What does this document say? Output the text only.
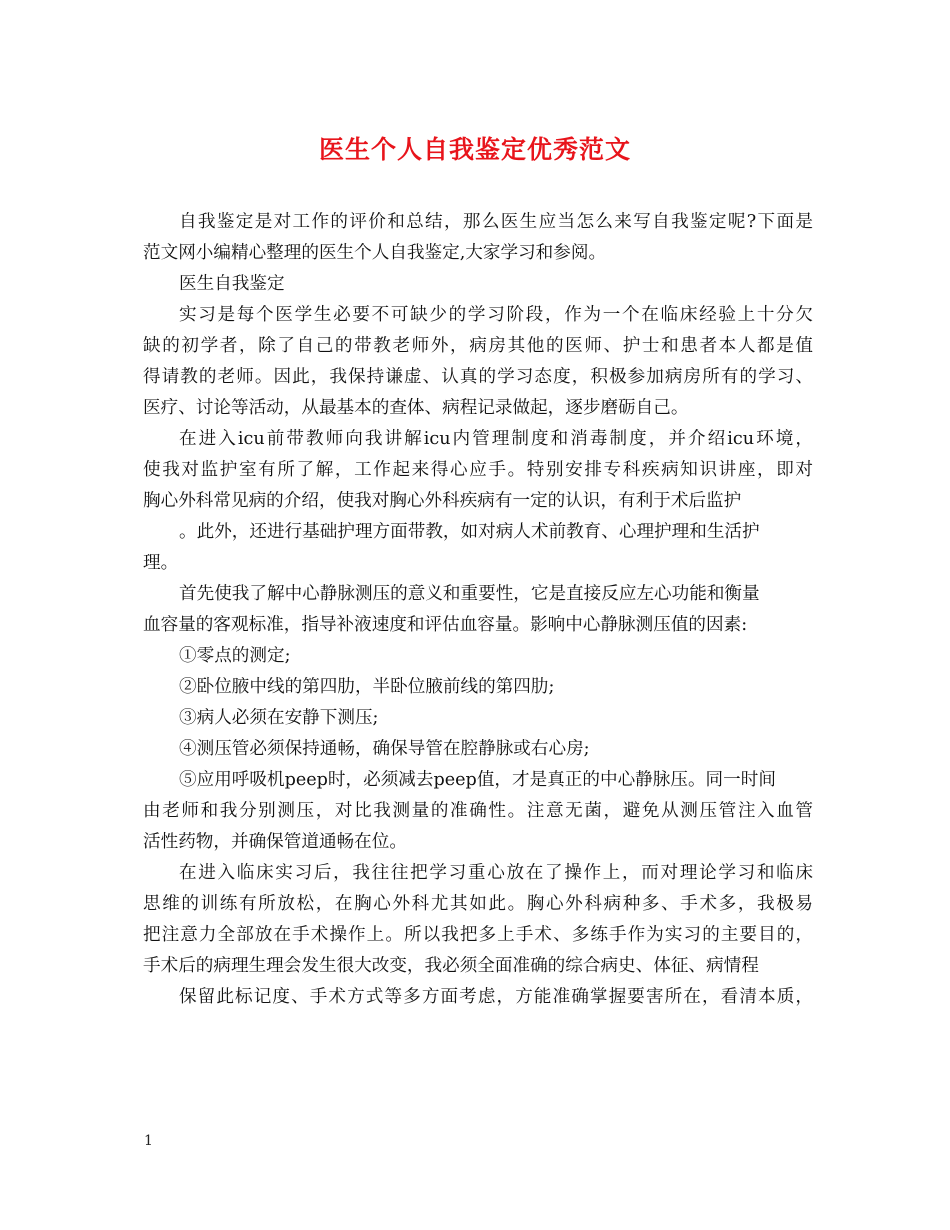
医生个人自我鉴定优秀范文
自我鉴定是对工作的评价和总结，那么医生应当怎么来写自我鉴定呢?下面是
范文网小编精心整理的医生个人自我鉴定,大家学习和参阅。
医生自我鉴定
实习是每个医学生必要不可缺少的学习阶段，作为一个在临床经验上十分欠
缺的初学者，除了自己的带教老师外，病房其他的医师、护士和患者本人都是值
得请教的老师。因此，我保持谦虚、认真的学习态度，积极参加病房所有的学习、
医疗、讨论等活动，从最基本的查体、病程记录做起，逐步磨砺自己。
在进入icu前带教师向我讲解icu内管理制度和消毒制度，并介绍icu环境，
使我对监护室有所了解，工作起来得心应手。特别安排专科疾病知识讲座，即对
胸心外科常见病的介绍，使我对胸心外科疾病有一定的认识，有利于术后监护
。此外，还进行基础护理方面带教，如对病人术前教育、心理护理和生活护
理。
首先使我了解中心静脉测压的意义和重要性，它是直接反应左心功能和衡量
血容量的客观标准，指导补液速度和评估血容量。影响中心静脉测压值的因素:
①零点的测定;
②卧位腋中线的第四肋，半卧位腋前线的第四肋;
③病人必须在安静下测压;
④测压管必须保持通畅，确保导管在腔静脉或右心房;
⑤应用呼吸机peep时，必须减去peep值，才是真正的中心静脉压。同一时间
由老师和我分别测压，对比我测量的准确性。注意无菌，避免从测压管注入血管
活性药物，并确保管道通畅在位。
在进入临床实习后，我往往把学习重心放在了操作上，而对理论学习和临床
思维的训练有所放松，在胸心外科尤其如此。胸心外科病种多、手术多，我极易
把注意力全部放在手术操作上。所以我把多上手术、多练手作为实习的主要目的，
手术后的病理生理会发生很大改变，我必须全面准确的综合病史、体征、病情程
保留此标记度、手术方式等多方面考虑，方能准确掌握要害所在，看清本质，
1
